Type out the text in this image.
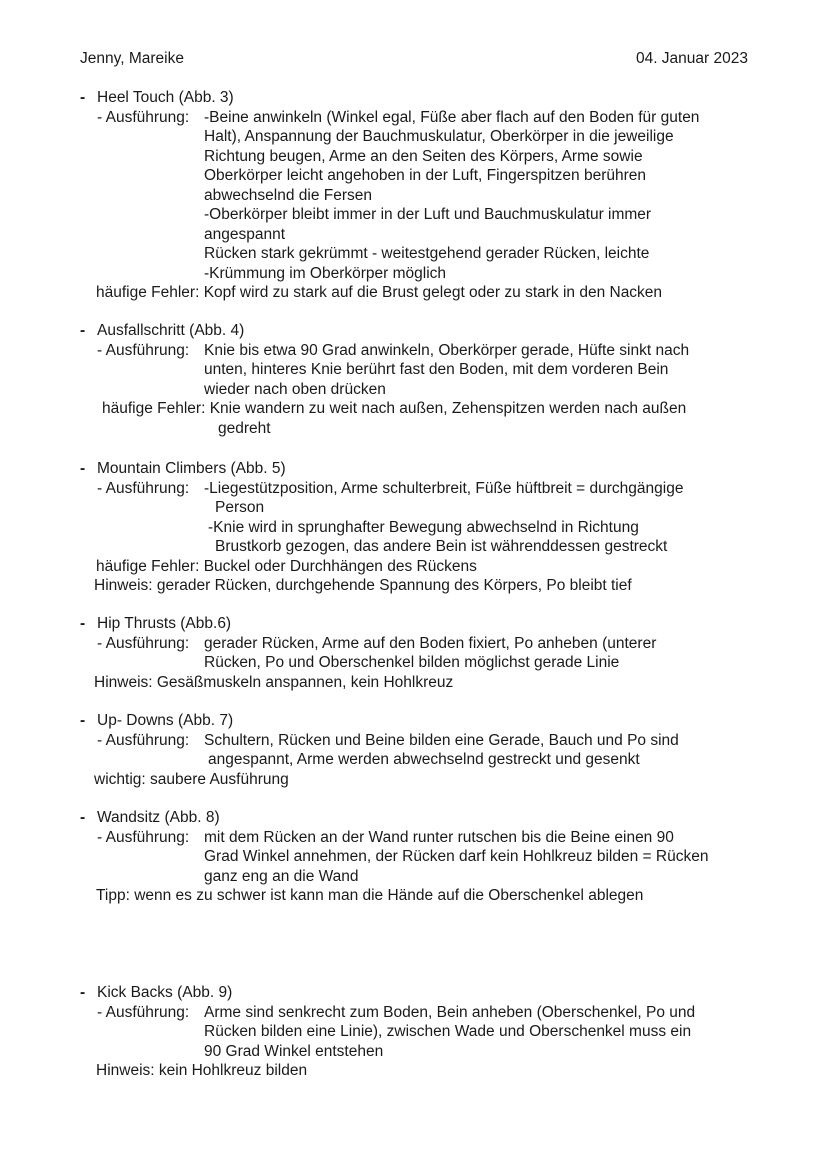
Jenny, Mareike	04. Januar 2023
- Heel Touch (Abb. 3)
- Ausführung: -Beine anwinkeln (Winkel egal, Füße aber flach auf den Boden für guten
Halt), Anspannung der Bauchmuskulatur, Oberkörper in die jeweilige
Richtung beugen, Arme an den Seiten des Körpers, Arme sowie
Oberkörper leicht angehoben in der Luft, Fingerspitzen berühren
abwechselnd die Fersen
-Oberkörper bleibt immer in der Luft und Bauchmuskulatur immer
angespannt
Rücken stark gekrümmt - weitestgehend gerader Rücken, leichte
-Krümmung im Oberkörper möglich
häufige Fehler: Kopf wird zu stark auf die Brust gelegt oder zu stark in den Nacken
- Ausfallschritt (Abb. 4)
- Ausführung: Knie bis etwa 90 Grad anwinkeln, Oberkörper gerade, Hüfte sinkt nach
unten, hinteres Knie berührt fast den Boden, mit dem vorderen Bein
wieder nach oben drücken
häufige Fehler: Knie wandern zu weit nach außen, Zehenspitzen werden nach außen
gedreht
- Mountain Climbers (Abb. 5)
- Ausführung: -Liegestützposition, Arme schulterbreit, Füße hüftbreit = durchgängige
Person
-Knie wird in sprunghafter Bewegung abwechselnd in Richtung
Brustkorb gezogen, das andere Bein ist währenddessen gestreckt
häufige Fehler: Buckel oder Durchhängen des Rückens
Hinweis: gerader Rücken, durchgehende Spannung des Körpers, Po bleibt tief
- Hip Thrusts (Abb.6)
- Ausführung: gerader Rücken, Arme auf den Boden fixiert, Po anheben (unterer
Rücken, Po und Oberschenkel bilden möglichst gerade Linie
Hinweis: Gesäßmuskeln anspannen, kein Hohlkreuz
- Up- Downs (Abb. 7)
- Ausführung: Schultern, Rücken und Beine bilden eine Gerade, Bauch und Po sind
angespannt, Arme werden abwechselnd gestreckt und gesenkt
wichtig: saubere Ausführung
- Wandsitz (Abb. 8)
- Ausführung: mit dem Rücken an der Wand runter rutschen bis die Beine einen 90
Grad Winkel annehmen, der Rücken darf kein Hohlkreuz bilden = Rücken
ganz eng an die Wand
Tipp: wenn es zu schwer ist kann man die Hände auf die Oberschenkel ablegen
- Kick Backs (Abb. 9)
- Ausführung: Arme sind senkrecht zum Boden, Bein anheben (Oberschenkel, Po und
Rücken bilden eine Linie), zwischen Wade und Oberschenkel muss ein
90 Grad Winkel entstehen
Hinweis: kein Hohlkreuz bilden
